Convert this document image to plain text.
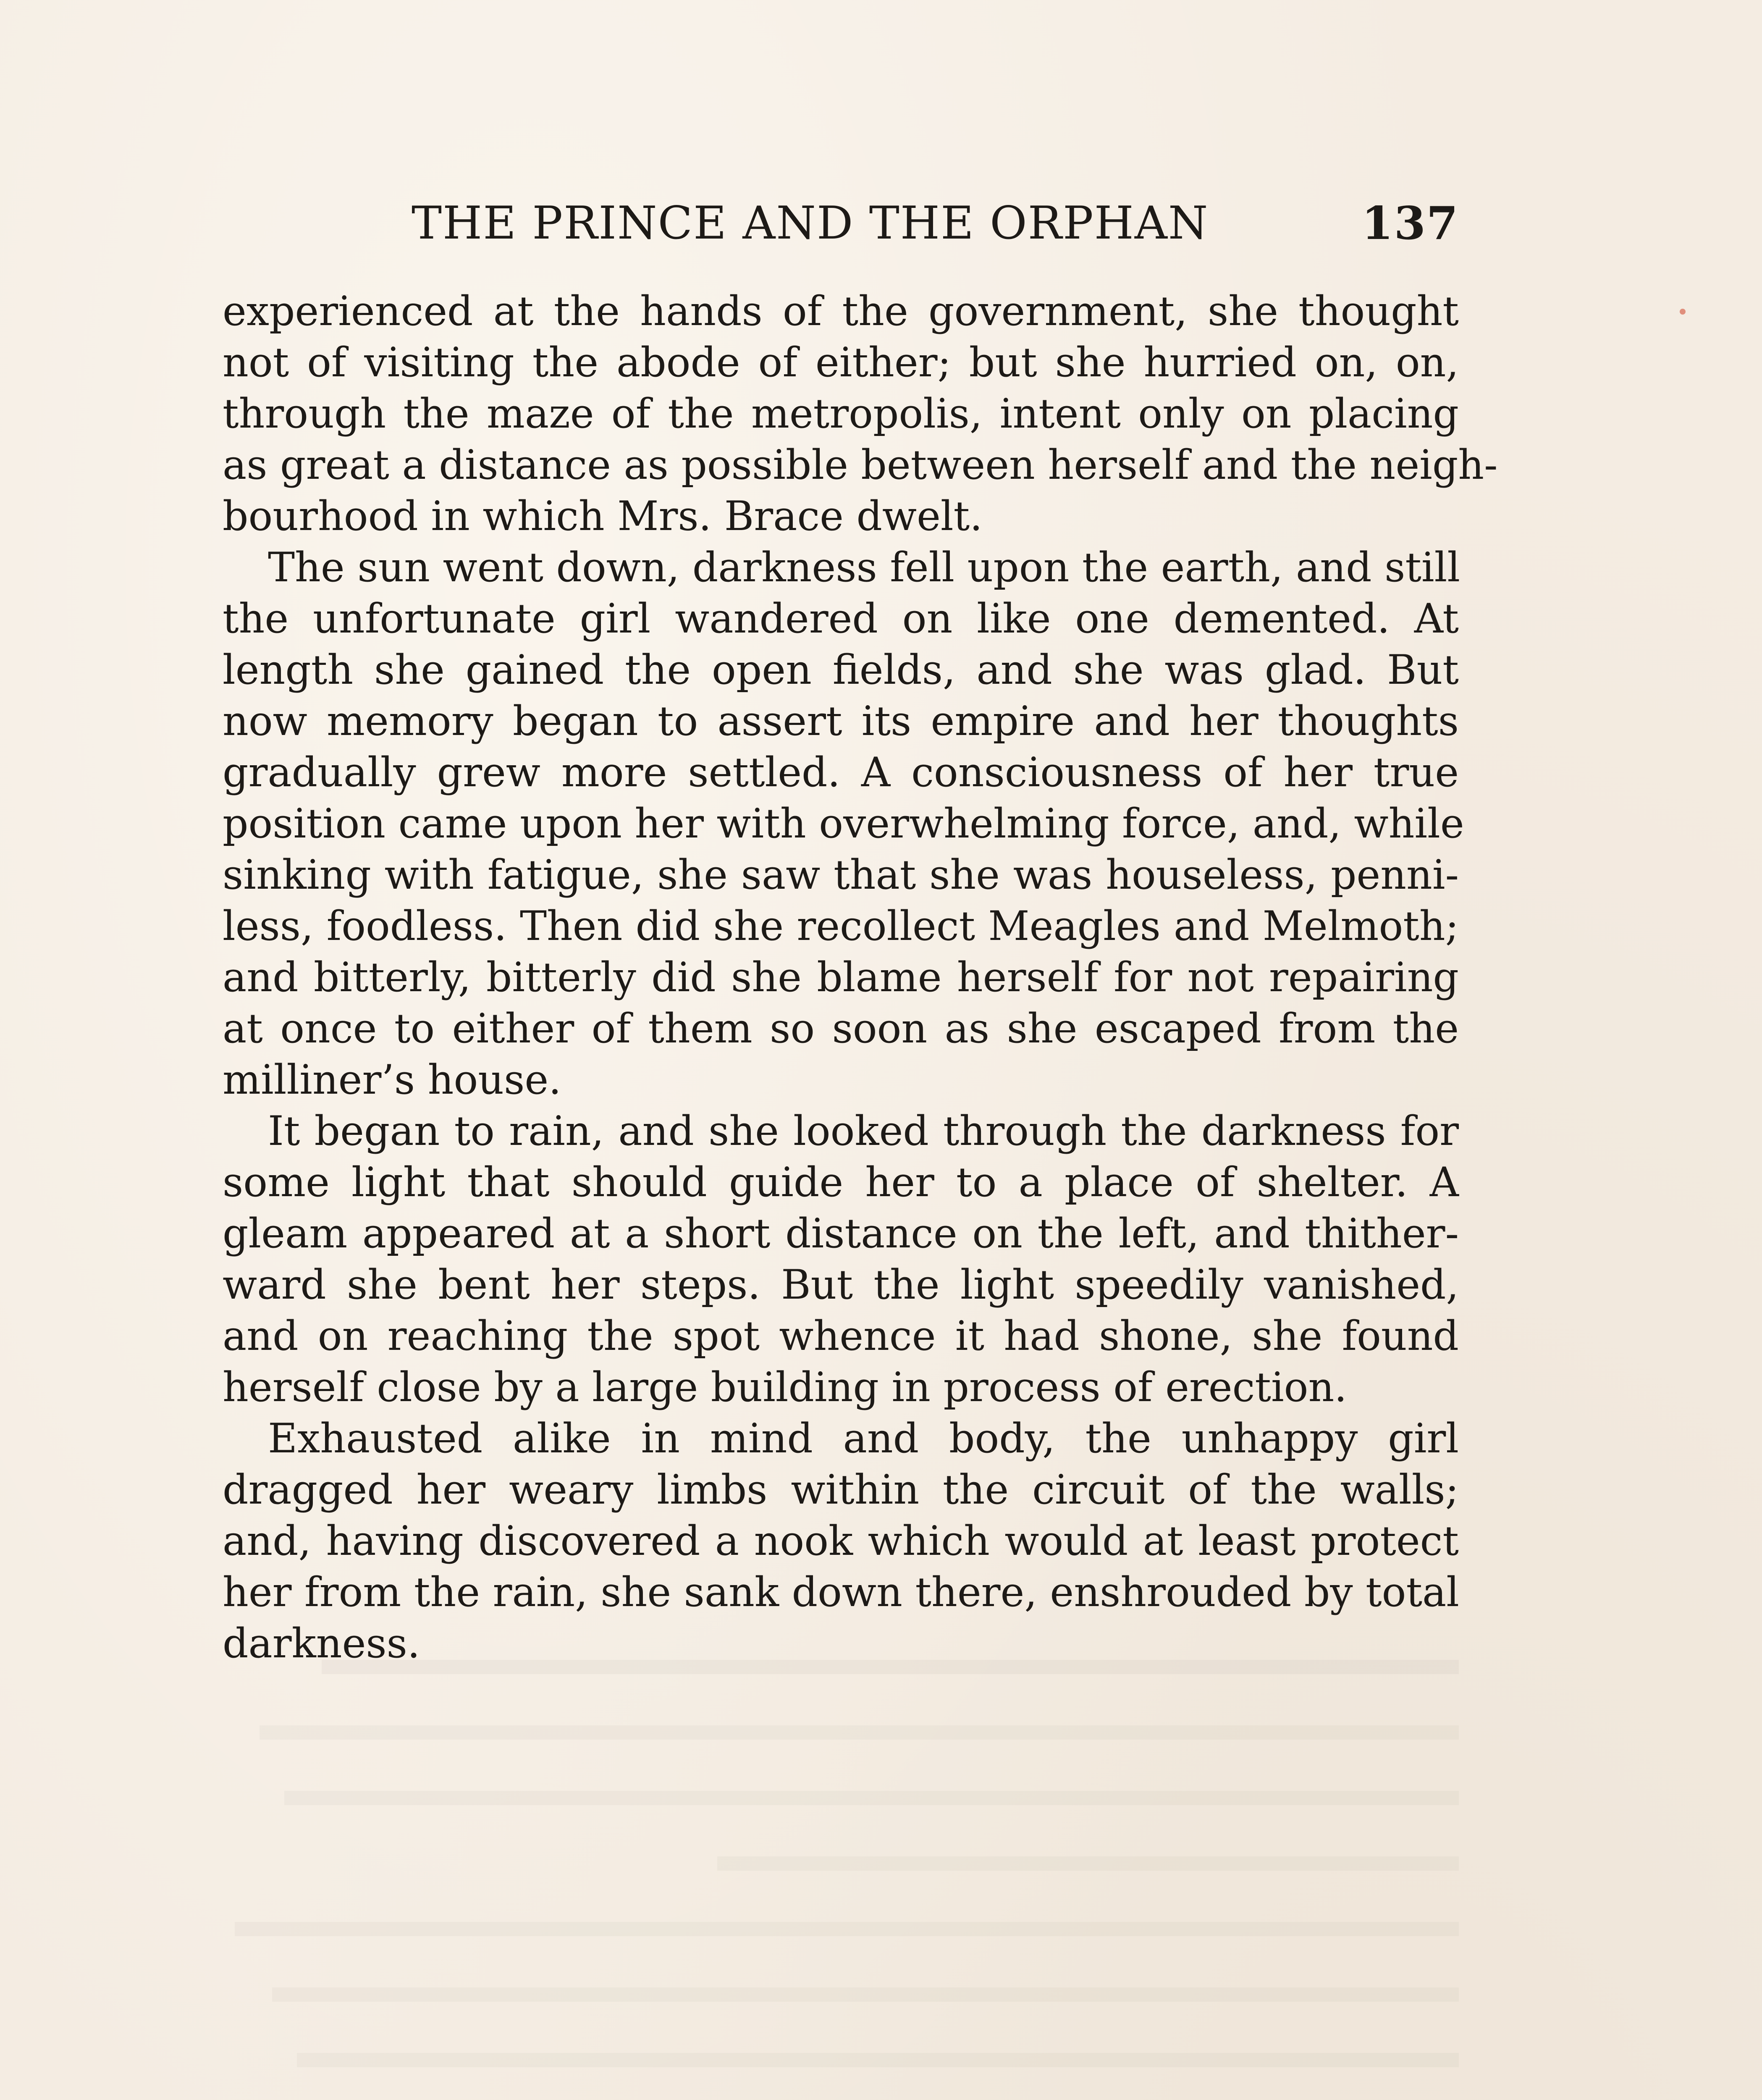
THE PRINCE AND THE ORPHAN	137
experienced at the hands of the government, she thought
not of visiting the abode of either; but she hurried on, on,
through the maze of the metropolis, intent only on placing
as great a distance as possible between herself and the neigh-
bourhood in which Mrs. Brace dwelt.
The sun went down, darkness fell upon the earth, and still
the unfortunate girl wandered on like one demented. At
length she gained the open fields, and she was glad. But
now memory began to assert its empire and her thoughts
gradually grew more settled. A consciousness of her true
position came upon her with overwhelming force, and, while
sinking with fatigue, she saw that she was houseless, penni-
less, foodless. Then did she recollect Meagles and Melmoth;
and bitterly, bitterly did she blame herself for not repairing
at once to either of them so soon as she escaped from the
milliner’s house.
It began to rain, and she looked through the darkness for
some light that should guide her to a place of shelter. A
gleam appeared at a short distance on the left, and thither-
ward she bent her steps. But the light speedily vanished,
and on reaching the spot whence it had shone, she found
herself close by a large building in process of erection.
Exhausted alike in mind and body, the unhappy girl
dragged her weary limbs within the circuit of the walls;
and, having discovered a nook which would at least protect
her from the rain, she sank down there, enshrouded by total
darkness.
